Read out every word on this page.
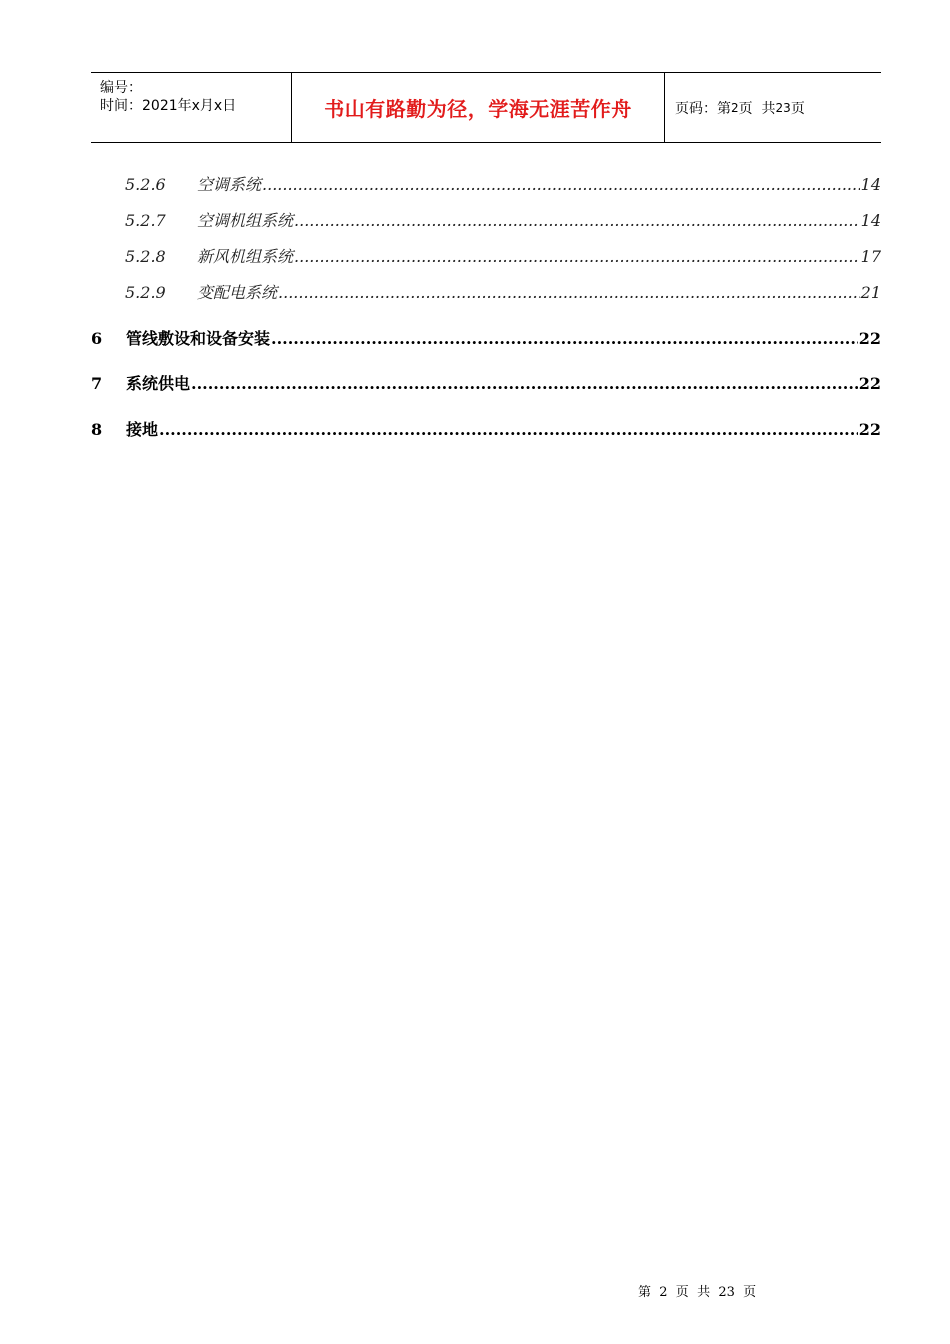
编号：
时间：2021年x月x日	书山有路勤为径，学海无涯苦作舟	页码：第 2 页  共 23 页
5.2.6	空调系统 .....	14
5.2.7	空调机组系统 .....	14
5.2.8	新风机组系统 .....	17
5.2.9	变配电系统 .....	21
6	管线敷设和设备安装 .....	22
7	系统供电 .....	22
8	接地 .....	22
第  2  页  共  23  页
